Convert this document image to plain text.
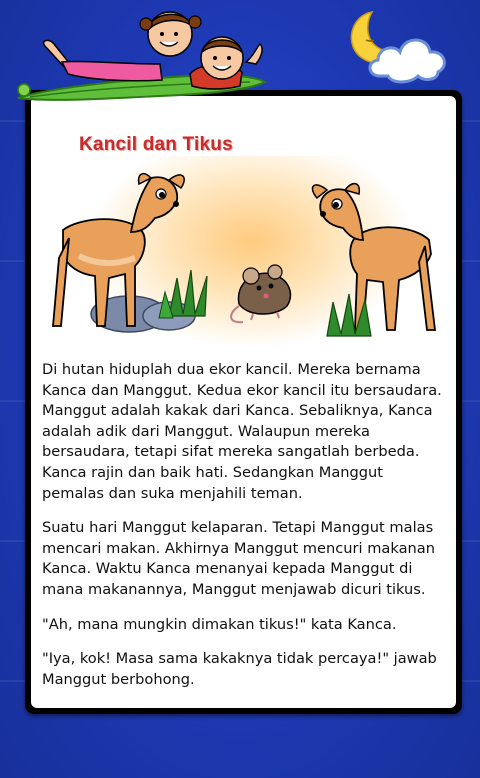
Kancil dan Tikus

Di hutan hiduplah dua ekor kancil. Mereka bernama Kanca dan Manggut. Kedua ekor kancil itu bersaudara. Manggut adalah kakak dari Kanca. Sebaliknya, Kanca adalah adik dari Manggut. Walaupun mereka bersaudara, tetapi sifat mereka sangatlah berbeda. Kanca rajin dan baik hati. Sedangkan Manggut pemalas dan suka menjahili teman.

Suatu hari Manggut kelaparan. Tetapi Manggut malas mencari makan. Akhirnya Manggut mencuri makanan Kanca. Waktu Kanca menanyai kepada Manggut di mana makanannya, Manggut menjawab dicuri tikus.

"Ah, mana mungkin dimakan tikus!" kata Kanca.

"Iya, kok! Masa sama kakaknya tidak percaya!" jawab Manggut berbohong.
